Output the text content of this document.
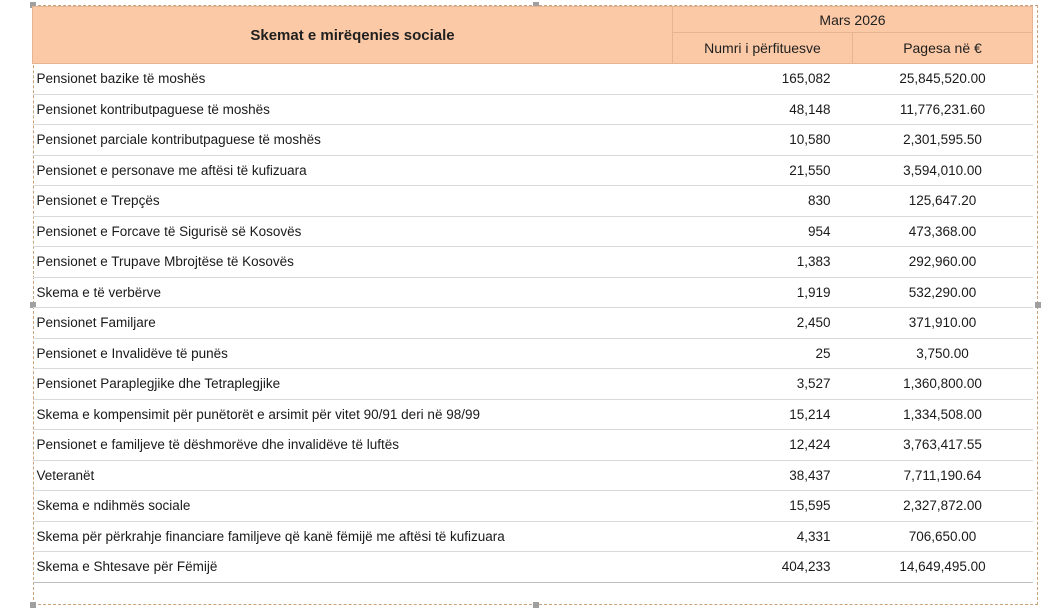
Skemat e mirëqenies sociale	Mars 2026	
	Numri i përfituesve	Pagesa në €
Pensionet bazike të moshës	165,082	25,845,520.00
Pensionet kontributpaguese të moshës	48,148	11,776,231.60
Pensionet parciale kontributpaguese të moshës	10,580	2,301,595.50
Pensionet e personave me aftësi të kufizuara	21,550	3,594,010.00
Pensionet e Trepçës	830	125,647.20
Pensionet e Forcave të Sigurisë së Kosovës	954	473,368.00
Pensionet e Trupave Mbrojtëse të Kosovës	1,383	292,960.00
Skema e të verbërve	1,919	532,290.00
Pensionet Familjare	2,450	371,910.00
Pensionet e Invalidëve të punës	25	3,750.00
Pensionet Paraplegjike dhe Tetraplegjike	3,527	1,360,800.00
Skema e kompensimit për punëtorët e arsimit për vitet 90/91 deri në 98/99	15,214	1,334,508.00
Pensionet e familjeve të dëshmorëve dhe invalidëve të luftës	12,424	3,763,417.55
Veteranët	38,437	7,711,190.64
Skema e ndihmës sociale	15,595	2,327,872.00
Skema për përkrahje financiare familjeve që kanë fëmijë me aftësi të kufizuara	4,331	706,650.00
Skema e Shtesave për Fëmijë	404,233	14,649,495.00
